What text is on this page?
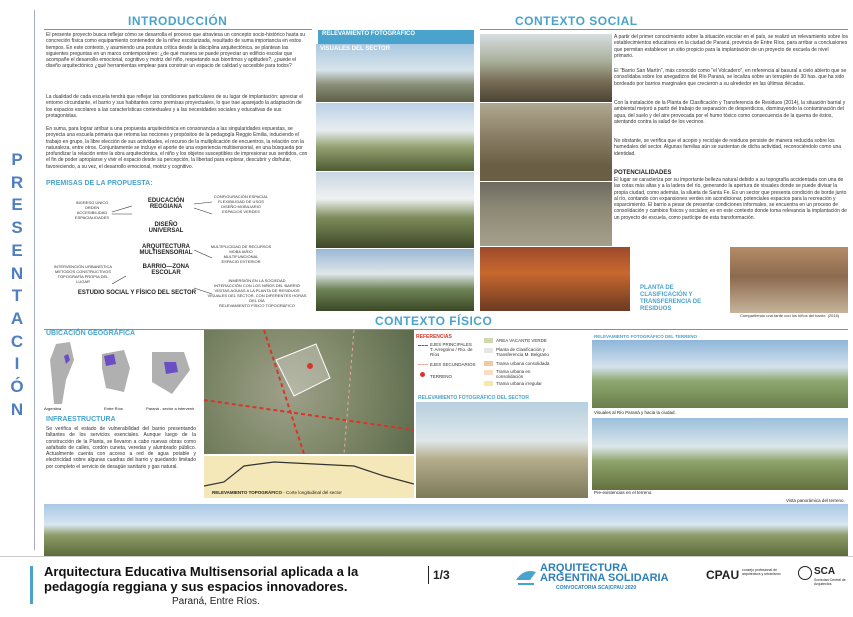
P
R
E
S
E
N
T
A
C
I
Ó
N
INTRODUCCIÓN
El presente proyecto busca reflejar cómo se desarrolla el proceso que atraviesa un concepto socio-histórico hasta su concreción física como equipamiento contenedor de la niñez escolarizada, resultado de suma importancia en estos tiempos. En este contexto, y asumiendo una postura crítica desde la disciplina arquitectónica, se plantean las siguientes preguntas en un marco contemporáneo: ¿de qué manera se puede proyectar un edificio escolar que acompañe el desarrollo emocional, cognitivo y motriz del niño, respetando sus biorritmos y aptitudes?, ¿puede el diseño arquitectónico ¿qué herramientas emplear para construir un espacio de calidad y accesible para todos?
La dualidad de cada escuela tendrá que reflejar las condiciones particulares de su lugar de implantación: apreciar el entorno circundante, el barrio y sus habitantes como premisas proyectuales, lo que trae aparejado la adaptación de los espacios escolares a las características contextuales y a las necesidades sociales y educativas de sus protagonistas.
En suma, para lograr arribar a una propuesta arquitectónica en consonancia a las singularidades expuestas, se proyecta una escuela primaria que retoma las nociones y propósitos de la pedagogía Reggio Emilia, induciendo el trabajo en grupo, la libre elección de sus actividades, el recurso de la multiplicación de encuentros, la relación con la naturaleza, entre otros. Conjuntamente se incluye el aporte de una experiencia multisensorial, en una búsqueda por profundizar la relación entre la obra arquitectónica, el niño y los objetos susceptibles de impresionar sus sentidos, con el fin de poder apropiarse y vivir el espacio desde su percepción, la libertad para explorar, descubrir y disfrutar, favoreciendo, a su vez, el desarrollo emocional, motriz y cognitivo.
PREMISAS DE LA PROPUESTA:
EDUCACIÓN REGGIANA
DISEÑO UNIVERSAL
ARQUITECTURA MULTISENSORIAL
BARRIO—ZONA ESCOLAR
ESTUDIO SOCIAL Y FÍSICO DEL SECTOR
INGRESO ÚNICO
ORDEN
ACCESIBILIDAD
ESPACIALIDADES
CONFIGURACIÓN ESPACIAL
FLEXIBILIDAD DE USOS
DISEÑO MOBILIARIO
ESPACIOS VERDES
MULTIPLICIDAD DE RECURSOS
MOBILIARIO
MULTIFUNCIONAL
ESPACIO EXTERIOR
INTERVENCIÓN URBANÍSTICA
METODOS CONSTRUCTIVOS
TOPOGRAFÍA PROPIA DEL
LUGAR	INMERSIÓN EN LA SOCIEDAD
INTERACCIÓN CON LOS NIÑOS DEL BARRIO
VISITAS AGUIAS A LA PLANTA DE RESIDUOS
VISUALES DEL SECTOR, CON DIFERENTES HORAS DEL DÍA
RELEVAMIENTO FÍSICO TOPOGRÁFICO
RELEVAMIENTO FOTOGRÁFICO
VISUALES DEL SECTOR
CONTEXTO SOCIAL
PLANTA DE CLASIFICACIÓN Y TRANSFERENCIA DE RESIDUOS
A partir del primer conocimiento sobre la situación escolar en el país, se realizó un relevamiento sobre los establecimientos educativos en la ciudad de Paraná, provincia de Entre Ríos, para arribar a conclusiones que permitan establecer un sitio propicio para la implantación de un proyecto de escuela de nivel primario.
El "Barrio San Martín", más conocido como "el Volcadero", en referencia al basural a cielo abierto que se consolidaba sobre los anegadizos del Río Paraná, se localiza sobre un terraplén de 30 has. que ha sido bordeado por barrios marginales que crecieron a su alrededor en las últimas décadas.
Con la instalación de la Planta de Clasificación y Transferencia de Residuos (2014), la situación barrial y ambiental mejoró a partir del trabajo de separación de desperdicios, disminuyendo la contaminación del agua, del suelo y del aire provocada por el humo tóxico como consecuencia de la quema de éstos, atentando contra la salud de los vecinos.
No obstante, se verifica que el acopio y reciclaje de residuos persiste de manera reducida sobre los humedales del sector. Algunas familias aún se sustentan de dicha actividad, reconociéndolo como una identidad.
POTENCIALIDADES
El lugar se caracteriza por su importante belleza natural debido a su topografía accidentada con una de las cotas más altas y a la ladera del río, generando la apertura de visuales donde se puede divisar la propia ciudad, como además, la silueta de Santa Fe. Es un sector que presenta condición de borde junto al río, contando con expansiones verdes sin acondicionar, potenciales espacios para la recreación y esparcimiento. El barrio a pesar de presentar condiciones informales, se encuentra en un proceso de consolidación y cambios físicos y sociales; es en este contexto donde toma relevancia la implantación de un proyecto de escuela, como partícipe de esta transformación.
Compartiendo una tarde con los niños del barrio. (2016)
CONTEXTO FÍSICO
UBICACIÓN GEOGRÁFICA
Argentina	Entre Ríos	Paraná - sector a intervenir
INFRAESTRUCTURA
Se verifica el estado de vulnerabilidad del barrio presentando faltantes de los servicios esenciales. Aunque luego de la construcción de la Planta, se llevaron a cabo nuevas obras como asfaltado de calles, cordón cuneta, veredas y alumbrado público. Actualmente cuenta con acceso a red de agua potable y electricidad sobre algunas cuadras del barrio y quedando limitado por completo el servicio de desagüe sanitario y gas natural.
REFERENCIAS
EJES PRINCIPALES
T. Arregüíno / Río. de Ríos
EJES SECUNDARIOS
TERRENO
ÁREA VACANTE VERDE
Planta de Clasificación y Transferencia M. Belgrano
Trama urbana consolidada
Trama urbana en consolidación
Trama urbana irregular
RELEVAMIENTO FOTOGRÁFICO DEL SECTOR
RELEVAMIENTO TOPOGRÁFICO - Corte longitudinal del sector
RELEVAMIENTO FOTOGRÁFICO DEL TERRENO
Visuales al Río Paraná y hacia la ciudad.
Pre-existencias en el terreno.
Vista panorámica del terreno.
Arquitectura Educativa Multisensorial aplicada a la
pedagogía reggiana y sus espacios innovadores.
Paraná, Entre Ríos.
1/3	ARQUITECTURA
ARGENTINA SOLIDARIA
CONVOCATORIA SCA|CPAU 2020
CPAU consejo profesional de arquitectura y urbanismo	SCA
Sociedad Central de Arquitectos
